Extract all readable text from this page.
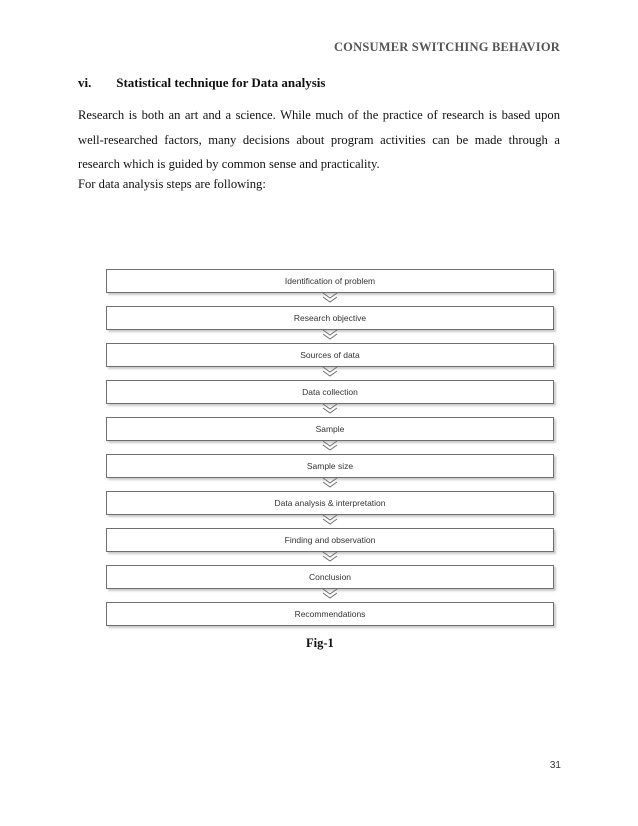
CONSUMER SWITCHING BEHAVIOR
vi. Statistical technique for Data analysis
Research is both an art and a science. While much of the practice of research is based upon well-researched factors, many decisions about program activities can be made through a research which is guided by common sense and practicality.
For data analysis steps are following:
Identification of problem
Research objective
Sources of data
Data collection
Sample
Sample size
Data analysis & interpretation
Finding and observation
Conclusion
Recommendations
Fig-1
31
